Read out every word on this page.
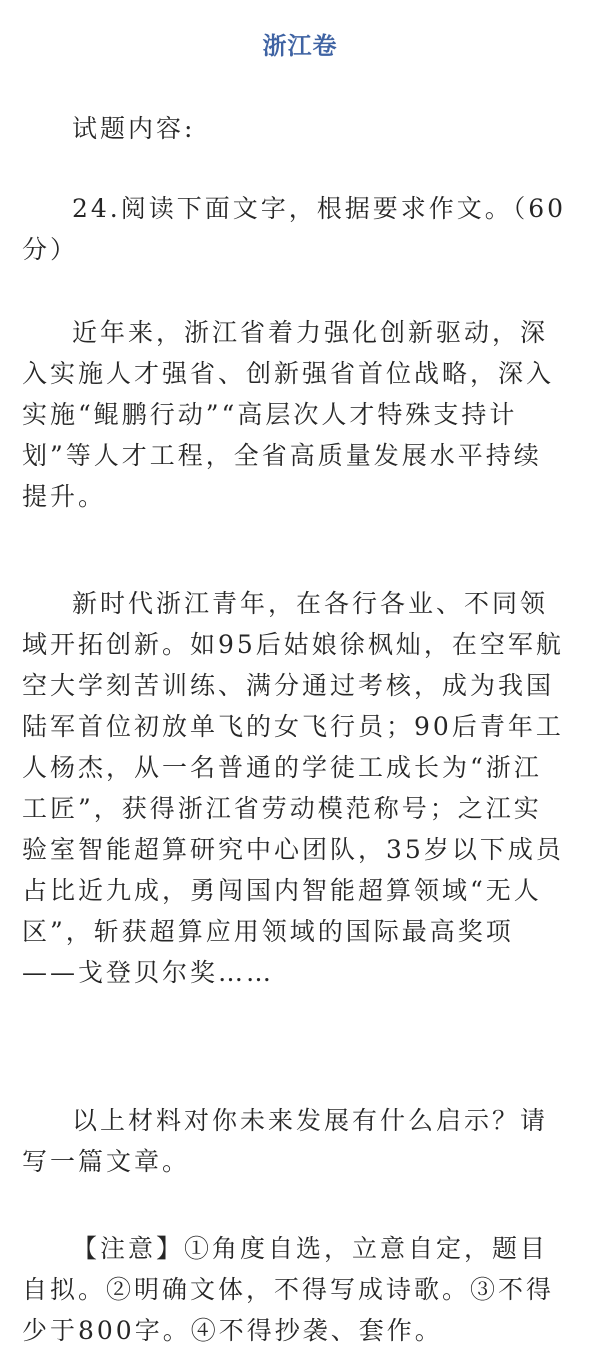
浙江卷
试题内容:
24.阅读下面文字，根据要求作文。（60
分）
近年来，浙江省着力强化创新驱动，深
入实施人才强省、创新强省首位战略，深入
实施“鲲鹏行动”“高层次人才特殊支持计
划”等人才工程，全省高质量发展水平持续
提升。
新时代浙江青年，在各行各业、不同领
域开拓创新。如95后姑娘徐枫灿，在空军航
空大学刻苦训练、满分通过考核，成为我国
陆军首位初放单飞的女飞行员；90后青年工
人杨杰，从一名普通的学徒工成长为“浙江
工匠”，获得浙江省劳动模范称号；之江实
验室智能超算研究中心团队，35岁以下成员
占比近九成，勇闯国内智能超算领域“无人
区”，斩获超算应用领域的国际最高奖项
——戈登贝尔奖……
以上材料对你未来发展有什么启示？请
写一篇文章。
【注意】①角度自选，立意自定，题目
自拟。②明确文体，不得写成诗歌。③不得
少于800字。④不得抄袭、套作。
